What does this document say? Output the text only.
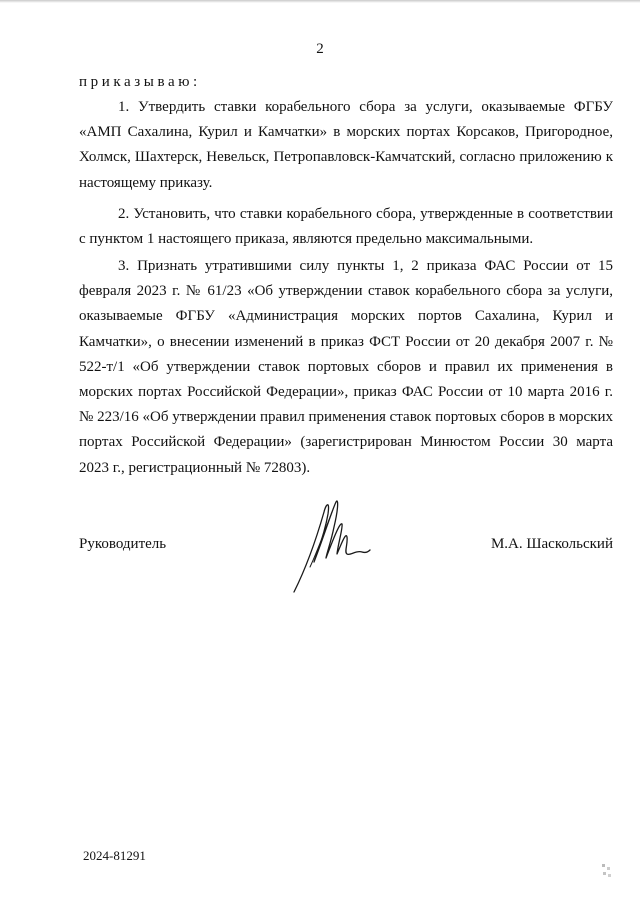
2
приказываю:
1. Утвердить ставки корабельного сбора за услуги, оказываемые ФГБУ «АМП Сахалина, Курил и Камчатки» в морских портах Корсаков, Пригородное, Холмск, Шахтерск, Невельск, Петропавловск-Камчатский, согласно приложению к настоящему приказу.
2. Установить, что ставки корабельного сбора, утвержденные в соответствии с пунктом 1 настоящего приказа, являются предельно максимальными.
3. Признать утратившими силу пункты 1, 2 приказа ФАС России от 15 февраля 2023 г. № 61/23 «Об утверждении ставок корабельного сбора за услуги, оказываемые ФГБУ «Администрация морских портов Сахалина, Курил и Камчатки», о внесении изменений в приказ ФСТ России от 20 декабря 2007 г. № 522-т/1 «Об утверждении ставок портовых сборов и правил их применения в морских портах Российской Федерации», приказ ФАС России от 10 марта 2016 г. № 223/16 «Об утверждении правил применения ставок портовых сборов в морских портах Российской Федерации» (зарегистрирован Минюстом России 30 марта 2023 г., регистрационный № 72803).
Руководитель	М.А. Шаскольский
2024-81291
